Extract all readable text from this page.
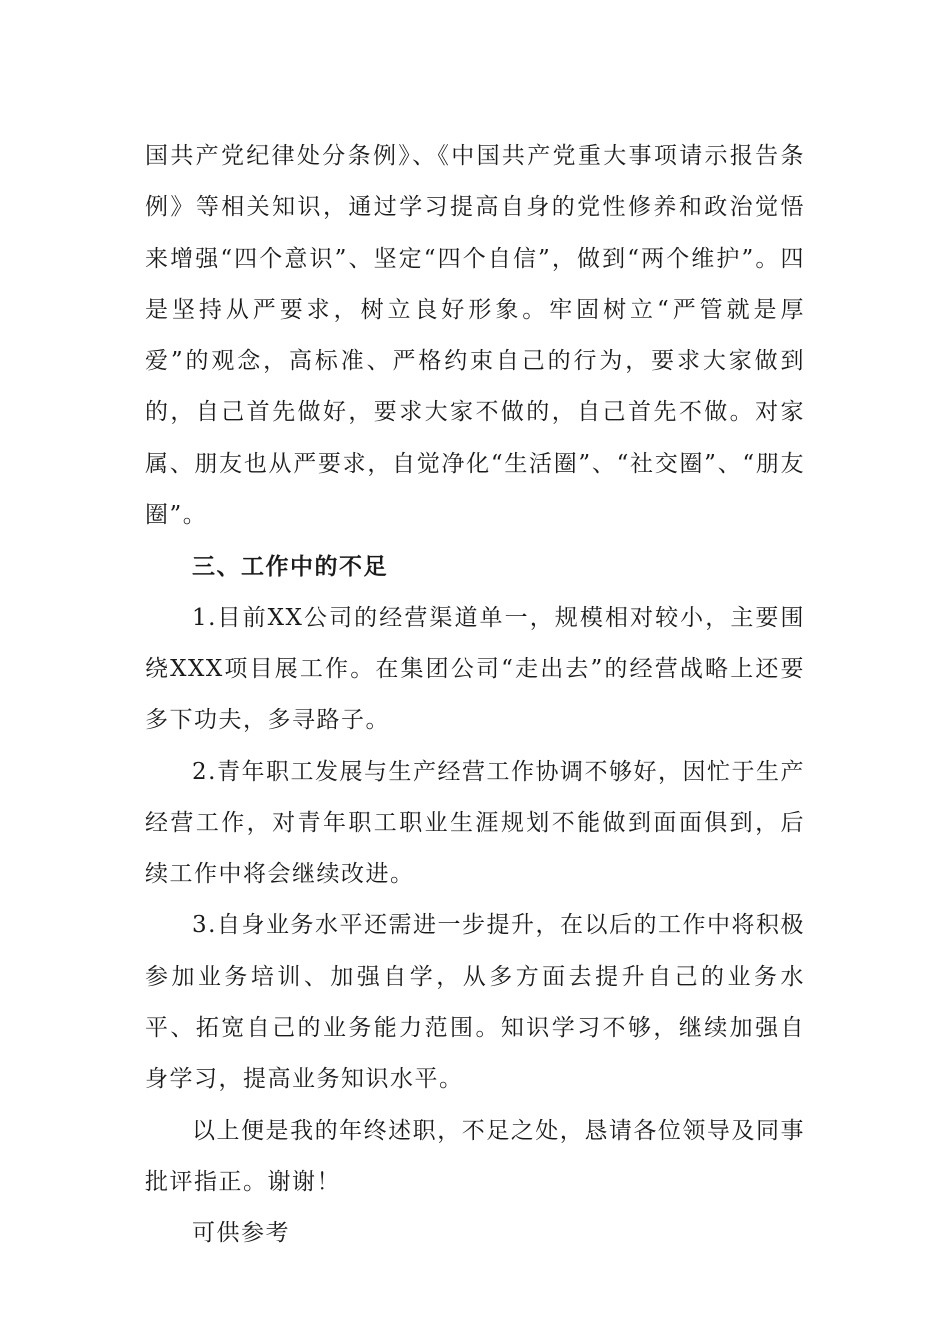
国共产党纪律处分条例》、《中国共产党重大事项请示报告条例》等相关知识，通过学习提高自身的党性修养和政治觉悟来增强“四个意识”、坚定“四个自信”，做到“两个维护”。四是坚持从严要求，树立良好形象。牢固树立“严管就是厚爱”的观念，高标准、严格约束自己的行为，要求大家做到的，自己首先做好，要求大家不做的，自己首先不做。对家属、朋友也从严要求，自觉净化“生活圈”、“社交圈”、“朋友圈”。

三、工作中的不足

1.目前XX公司的经营渠道单一，规模相对较小，主要围绕XXX项目展工作。在集团公司“走出去”的经营战略上还要多下功夫，多寻路子。

2.青年职工发展与生产经营工作协调不够好，因忙于生产经营工作，对青年职工职业生涯规划不能做到面面俱到，后续工作中将会继续改进。

3.自身业务水平还需进一步提升，在以后的工作中将积极参加业务培训、加强自学，从多方面去提升自己的业务水平、拓宽自己的业务能力范围。知识学习不够，继续加强自身学习，提高业务知识水平。

以上便是我的年终述职，不足之处，恳请各位领导及同事批评指正。谢谢！

可供参考
